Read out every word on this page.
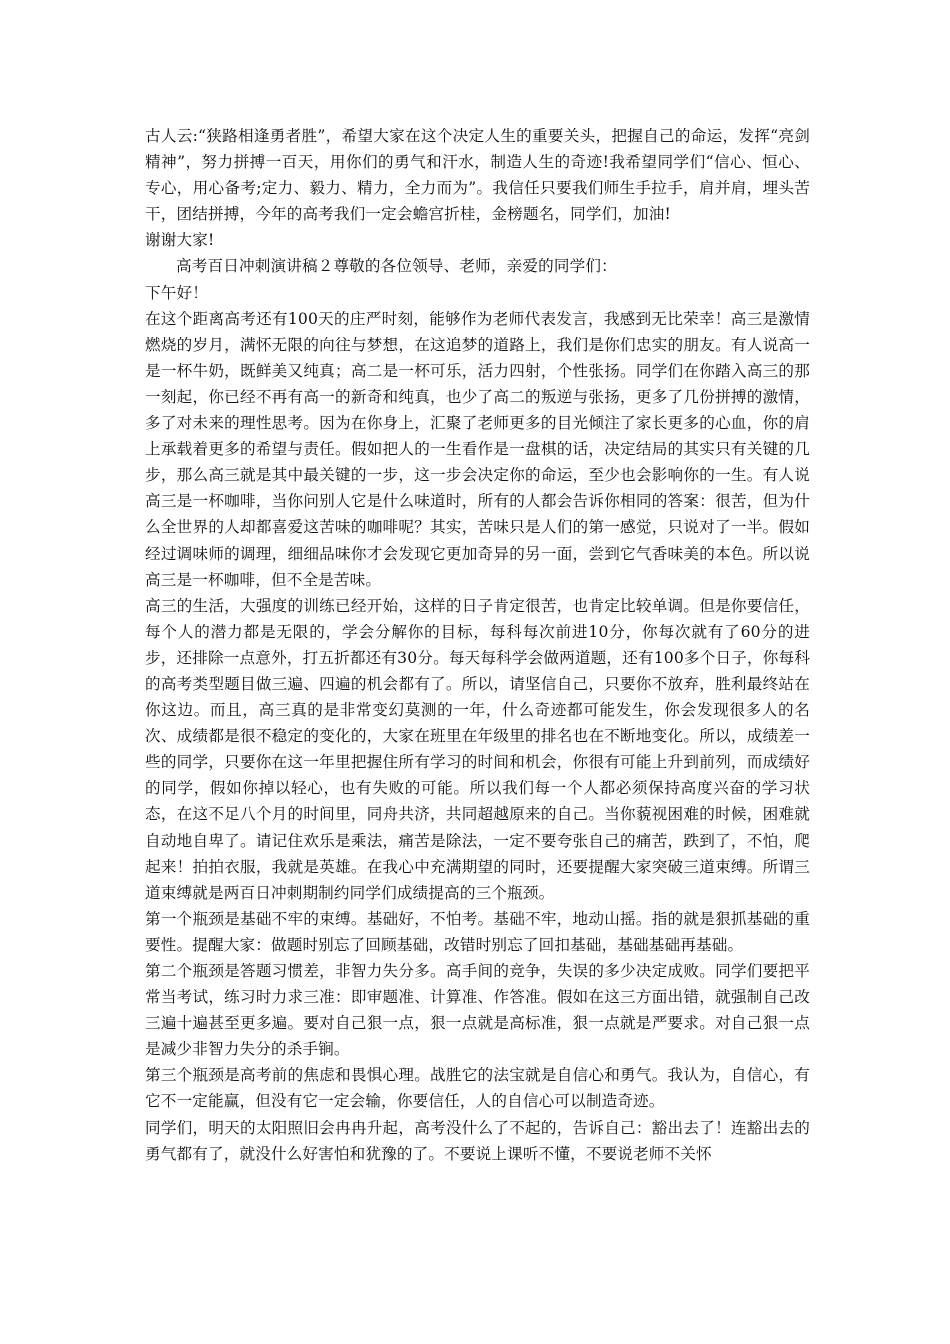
古人云:“狭路相逢勇者胜”，希望大家在这个决定人生的重要关头，把握自己的命运，发挥“亮剑精神”，努力拼搏一百天，用你们的勇气和汗水，制造人生的奇迹!我希望同学们“信心、恒心、专心，用心备考;定力、毅力、精力，全力而为”。我信任只要我们师生手拉手，肩并肩，埋头苦干，团结拼搏，今年的高考我们一定会蟾宫折桂，金榜题名，同学们，加油!

谢谢大家!

高考百日冲刺演讲稿２尊敬的各位领导、老师，亲爱的同学们：

下午好！

在这个距离高考还有100天的庄严时刻，能够作为老师代表发言，我感到无比荣幸！高三是激情燃烧的岁月，满怀无限的向往与梦想，在这追梦的道路上，我们是你们忠实的朋友。有人说高一是一杯牛奶，既鲜美又纯真；高二是一杯可乐，活力四射，个性张扬。同学们在你踏入高三的那一刻起，你已经不再有高一的新奇和纯真，也少了高二的叛逆与张扬，更多了几份拼搏的激情，多了对未来的理性思考。因为在你身上，汇聚了老师更多的目光倾注了家长更多的心血，你的肩上承载着更多的希望与责任。假如把人的一生看作是一盘棋的话，决定结局的其实只有关键的几步，那么高三就是其中最关键的一步，这一步会决定你的命运，至少也会影响你的一生。有人说高三是一杯咖啡，当你问别人它是什么味道时，所有的人都会告诉你相同的答案：很苦，但为什么全世界的人却都喜爱这苦味的咖啡呢？其实，苦味只是人们的第一感觉，只说对了一半。假如经过调味师的调理，细细品味你才会发现它更加奇异的另一面，尝到它气香味美的本色。所以说高三是一杯咖啡，但不全是苦味。

高三的生活，大强度的训练已经开始，这样的日子肯定很苦，也肯定比较单调。但是你要信任，每个人的潜力都是无限的，学会分解你的目标，每科每次前进10分，你每次就有了60分的进步，还排除一点意外，打五折都还有30分。每天每科学会做两道题，还有100多个日子，你每科的高考类型题目做三遍、四遍的机会都有了。所以，请坚信自己，只要你不放弃，胜利最终站在你这边。而且，高三真的是非常变幻莫测的一年，什么奇迹都可能发生，你会发现很多人的名次、成绩都是很不稳定的变化的，大家在班里在年级里的排名也在不断地变化。所以，成绩差一些的同学，只要你在这一年里把握住所有学习的时间和机会，你很有可能上升到前列，而成绩好的同学，假如你掉以轻心，也有失败的可能。所以我们每一个人都必须保持高度兴奋的学习状态，在这不足八个月的时间里，同舟共济，共同超越原来的自己。当你藐视困难的时候，困难就自动地自卑了。请记住欢乐是乘法，痛苦是除法，一定不要夸张自己的痛苦，跌到了，不怕，爬起来！拍拍衣服，我就是英雄。在我心中充满期望的同时，还要提醒大家突破三道束缚。所谓三道束缚就是两百日冲刺期制约同学们成绩提高的三个瓶颈。

第一个瓶颈是基础不牢的束缚。基础好，不怕考。基础不牢，地动山摇。指的就是狠抓基础的重要性。提醒大家：做题时别忘了回顾基础，改错时别忘了回扣基础，基础基础再基础。

第二个瓶颈是答题习惯差，非智力失分多。高手间的竞争，失误的多少决定成败。同学们要把平常当考试，练习时力求三准：即审题准、计算准、作答准。假如在这三方面出错，就强制自己改三遍十遍甚至更多遍。要对自己狠一点，狠一点就是高标准，狠一点就是严要求。对自己狠一点是减少非智力失分的杀手锏。

第三个瓶颈是高考前的焦虑和畏惧心理。战胜它的法宝就是自信心和勇气。我认为，自信心，有它不一定能赢，但没有它一定会输，你要信任，人的自信心可以制造奇迹。

同学们，明天的太阳照旧会冉冉升起，高考没什么了不起的，告诉自己：豁出去了！连豁出去的勇气都有了，就没什么好害怕和犹豫的了。不要说上课听不懂，不要说老师不关怀
